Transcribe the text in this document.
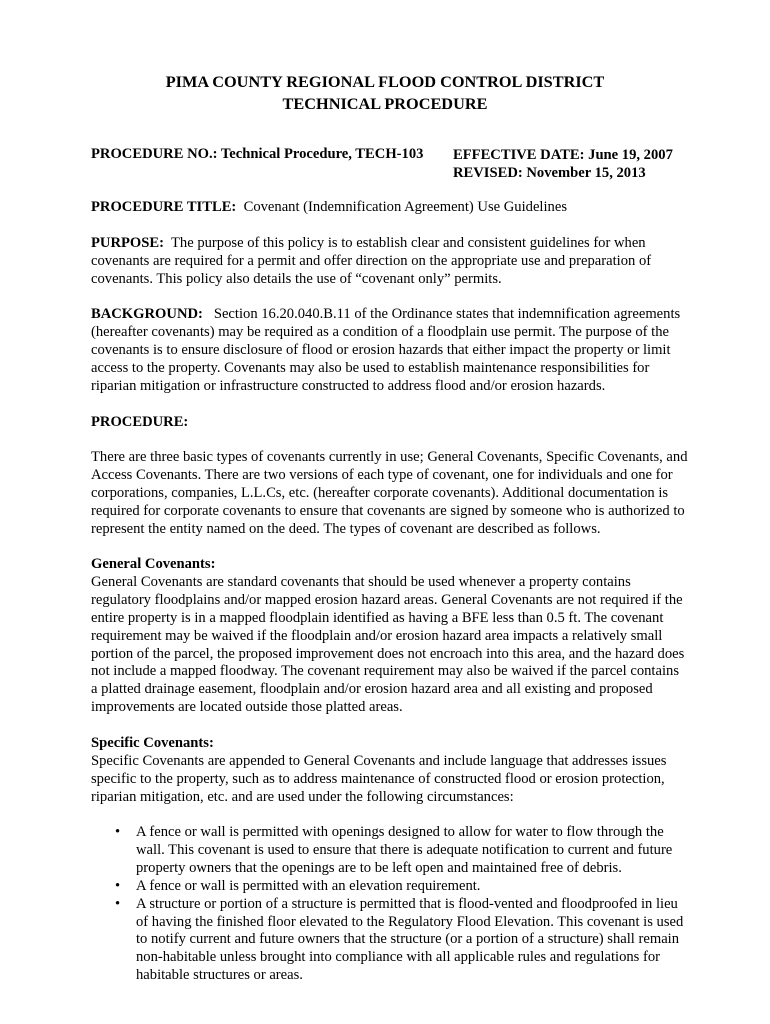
PIMA COUNTY REGIONAL FLOOD CONTROL DISTRICT
TECHNICAL PROCEDURE
PROCEDURE NO.: Technical Procedure, TECH-103 EFFECTIVE DATE: June 19, 2007
REVISED: November 15, 2013
PROCEDURE TITLE:  Covenant (Indemnification Agreement) Use Guidelines
PURPOSE:  The purpose of this policy is to establish clear and consistent guidelines for when
covenants are required for a permit and offer direction on the appropriate use and preparation of
covenants. This policy also details the use of “covenant only” permits.
BACKGROUND:   Section 16.20.040.B.11 of the Ordinance states that indemnification agreements
(hereafter covenants) may be required as a condition of a floodplain use permit. The purpose of the
covenants is to ensure disclosure of flood or erosion hazards that either impact the property or limit
access to the property. Covenants may also be used to establish maintenance responsibilities for
riparian mitigation or infrastructure constructed to address flood and/or erosion hazards.
PROCEDURE:
There are three basic types of covenants currently in use; General Covenants, Specific Covenants, and
Access Covenants. There are two versions of each type of covenant, one for individuals and one for
corporations, companies, L.L.Cs, etc. (hereafter corporate covenants). Additional documentation is
required for corporate covenants to ensure that covenants are signed by someone who is authorized to
represent the entity named on the deed. The types of covenant are described as follows.
General Covenants:
General Covenants are standard covenants that should be used whenever a property contains
regulatory floodplains and/or mapped erosion hazard areas. General Covenants are not required if the
entire property is in a mapped floodplain identified as having a BFE less than 0.5 ft. The covenant
requirement may be waived if the floodplain and/or erosion hazard area impacts a relatively small
portion of the parcel, the proposed improvement does not encroach into this area, and the hazard does
not include a mapped floodway. The covenant requirement may also be waived if the parcel contains
a platted drainage easement, floodplain and/or erosion hazard area and all existing and proposed
improvements are located outside those platted areas.
Specific Covenants:
Specific Covenants are appended to General Covenants and include language that addresses issues
specific to the property, such as to address maintenance of constructed flood or erosion protection,
riparian mitigation, etc. and are used under the following circumstances:
• A fence or wall is permitted with openings designed to allow for water to flow through the
wall. This covenant is used to ensure that there is adequate notification to current and future
property owners that the openings are to be left open and maintained free of debris.
• A fence or wall is permitted with an elevation requirement.
• A structure or portion of a structure is permitted that is flood-vented and floodproofed in lieu
of having the finished floor elevated to the Regulatory Flood Elevation. This covenant is used
to notify current and future owners that the structure (or a portion of a structure) shall remain
non-habitable unless brought into compliance with all applicable rules and regulations for
habitable structures or areas.
